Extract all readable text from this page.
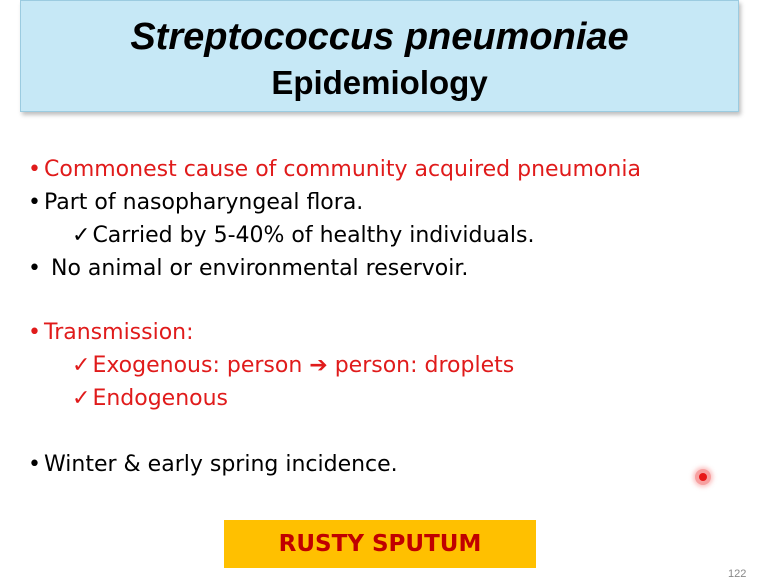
Streptococcus pneumoniae
Epidemiology
• Commonest cause of community acquired pneumonia
• Part of nasopharyngeal flora.
✓Carried by 5-40% of healthy individuals.
• No animal or environmental reservoir.
• Transmission:
✓Exogenous: person ➔ person: droplets
✓Endogenous
• Winter & early spring incidence.
RUSTY SPUTUM
122
